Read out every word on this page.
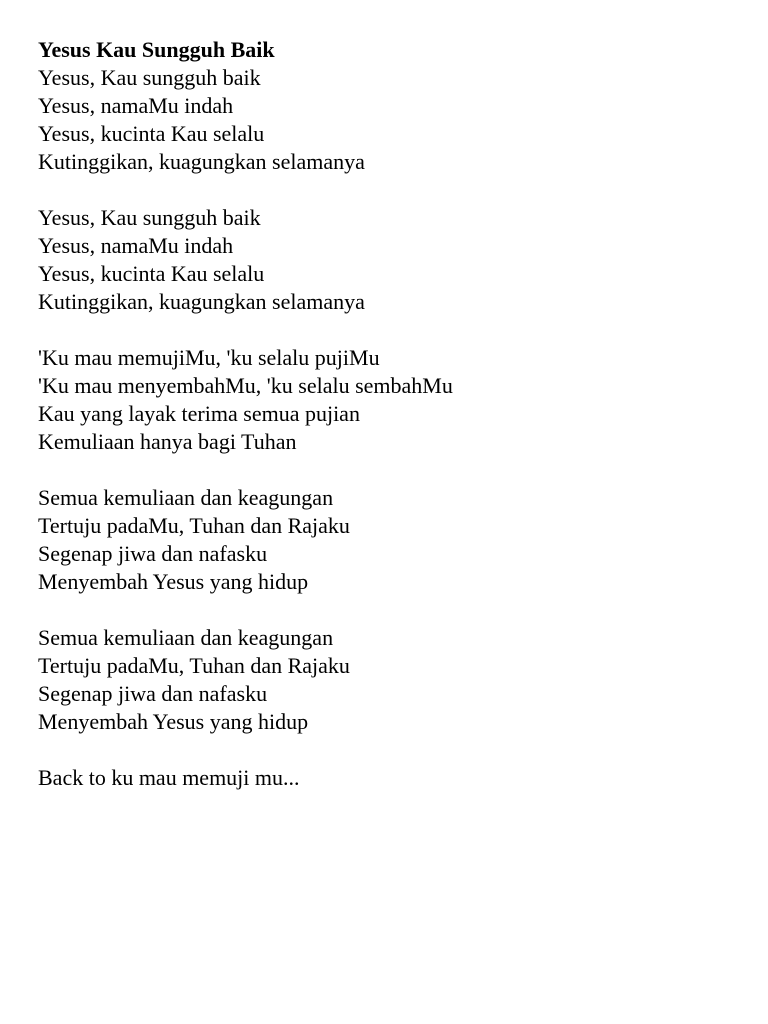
Yesus Kau Sungguh Baik
Yesus, Kau sungguh baik
Yesus, namaMu indah
Yesus, kucinta Kau selalu
Kutinggikan, kuagungkan selamanya
Yesus, Kau sungguh baik
Yesus, namaMu indah
Yesus, kucinta Kau selalu
Kutinggikan, kuagungkan selamanya
'Ku mau memujiMu, 'ku selalu pujiMu
'Ku mau menyembahMu, 'ku selalu sembahMu
Kau yang layak terima semua pujian
Kemuliaan hanya bagi Tuhan
Semua kemuliaan dan keagungan
Tertuju padaMu, Tuhan dan Rajaku
Segenap jiwa dan nafasku
Menyembah Yesus yang hidup
Semua kemuliaan dan keagungan
Tertuju padaMu, Tuhan dan Rajaku
Segenap jiwa dan nafasku
Menyembah Yesus yang hidup
Back to ku mau memuji mu...
